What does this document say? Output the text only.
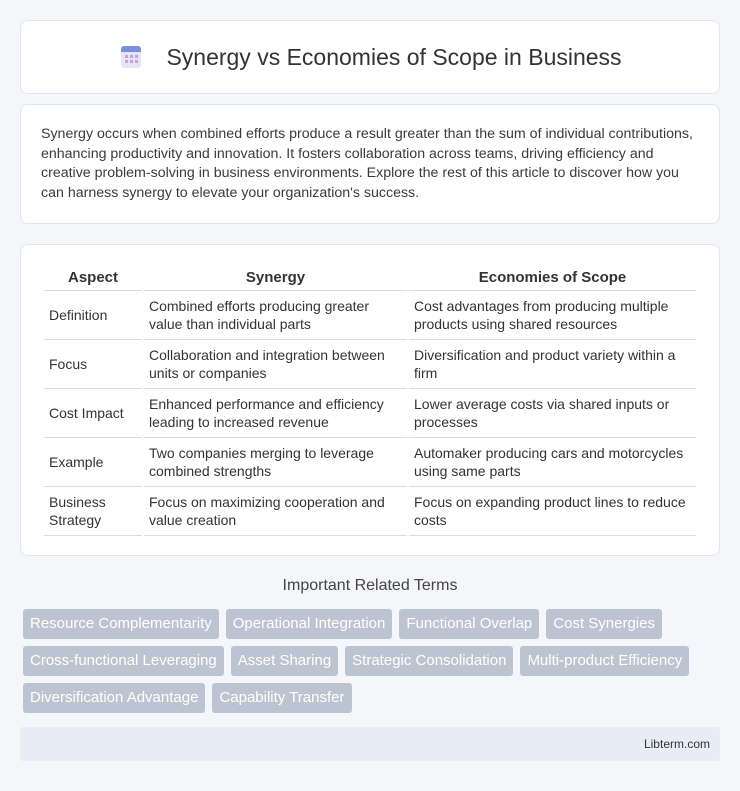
Synergy vs Economies of Scope in Business

Synergy occurs when combined efforts produce a result greater than the sum of individual contributions, enhancing productivity and innovation. It fosters collaboration across teams, driving efficiency and creative problem-solving in business environments. Explore the rest of this article to discover how you can harness synergy to elevate your organization's success.

Aspect	Synergy	Economies of Scope
Definition	Combined efforts producing greater value than individual parts	Cost advantages from producing multiple products using shared resources
Focus	Collaboration and integration between units or companies	Diversification and product variety within a firm
Cost Impact	Enhanced performance and efficiency leading to increased revenue	Lower average costs via shared inputs or processes
Example	Two companies merging to leverage combined strengths	Automaker producing cars and motorcycles using same parts
Business Strategy	Focus on maximizing cooperation and value creation	Focus on expanding product lines to reduce costs
Important Related Terms
Resource Complementarity	Operational Integration	Functional Overlap	Cost Synergies
Cross-functional Leveraging	Asset Sharing	Strategic Consolidation	Multi-product Efficiency
Diversification Advantage	Capability Transfer
Libterm.com
